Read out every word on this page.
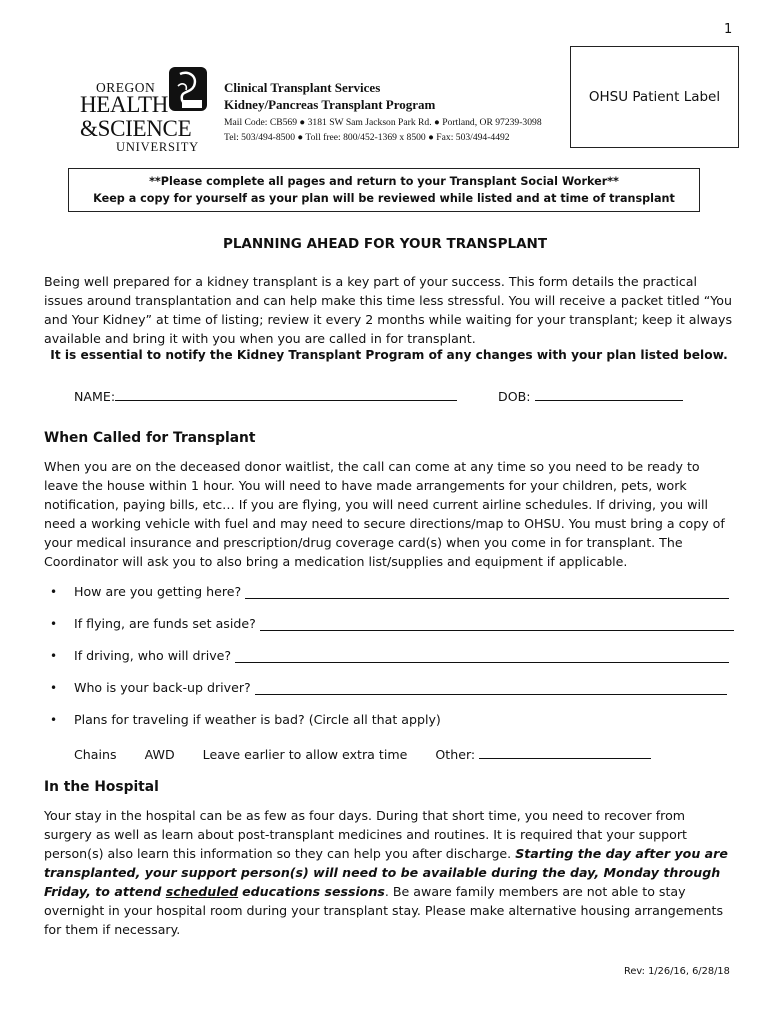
1
OREGON
HEALTH
&SCIENCE
UNIVERSITY
Clinical Transplant Services
Kidney/Pancreas Transplant Program
Mail Code: CB569 ● 3181 SW Sam Jackson Park Rd. ● Portland, OR 97239-3098
Tel: 503/494-8500 ● Toll free: 800/452-1369 x 8500 ● Fax: 503/494-4492
OHSU Patient Label
**Please complete all pages and return to your Transplant Social Worker**
Keep a copy for yourself as your plan will be reviewed while listed and at time of transplant
PLANNING AHEAD FOR YOUR TRANSPLANT
Being well prepared for a kidney transplant is a key part of your success. This form details the practical issues around transplantation and can help make this time less stressful. You will receive a packet titled “You and Your Kidney” at time of listing; review it every 2 months while waiting for your transplant; keep it always available and bring it with you when you are called in for transplant.
It is essential to notify the Kidney Transplant Program of any changes with your plan listed below.
NAME:	DOB:
When Called for Transplant
When you are on the deceased donor waitlist, the call can come at any time so you need to be ready to leave the house within 1 hour. You will need to have made arrangements for your children, pets, work notification, paying bills, etc… If you are flying, you will need current airline schedules. If driving, you will need a working vehicle with fuel and may need to secure directions/map to OHSU. You must bring a copy of your medical insurance and prescription/drug coverage card(s) when you come in for transplant. The Coordinator will ask you to also bring a medication list/supplies and equipment if applicable.
•	How are you getting here?

•	If flying, are funds set aside?

•	If driving, who will drive?

•	Who is your back-up driver?

•	Plans for traveling if weather is bad? (Circle all that apply)
Chains AWD Leave earlier to allow extra time Other:
In the Hospital
Your stay in the hospital can be as few as four days. During that short time, you need to recover from surgery as well as learn about post-transplant medicines and routines. It is required that your support person(s) also learn this information so they can help you after discharge. Starting the day after you are transplanted, your support person(s) will need to be available during the day, Monday through Friday, to attend scheduled educations sessions. Be aware family members are not able to stay overnight in your hospital room during your transplant stay. Please make alternative housing arrangements for them if necessary.
Rev: 1/26/16, 6/28/18
